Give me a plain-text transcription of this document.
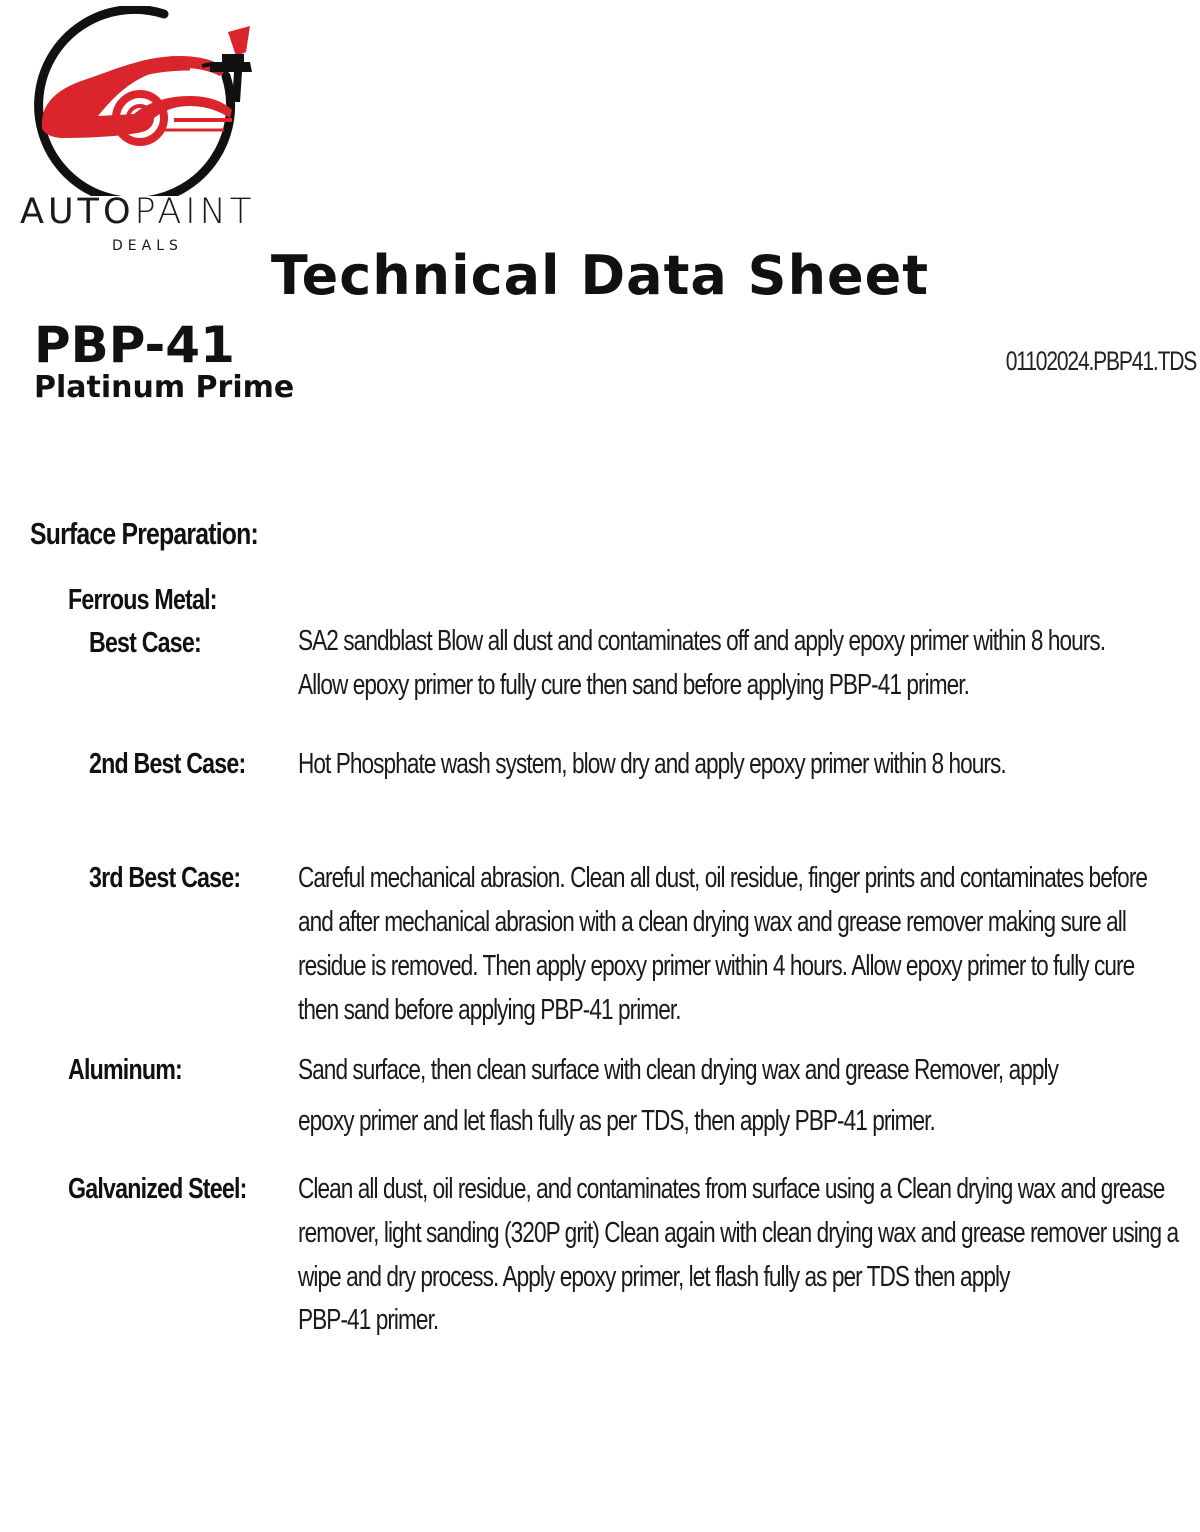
AUTOPAINT
DEALS	Technical Data Sheet
PBP-41
Platinum Prime
01102024.PBP41.TDS
Surface Preparation:
Ferrous Metal:
Best Case:	SA2 sandblast Blow all dust and contaminates off and apply epoxy primer within 8 hours.
Allow epoxy primer to fully cure then sand before applying PBP-41 primer.
2nd Best Case: Hot Phosphate wash system, blow dry and apply epoxy primer within 8 hours.
3rd Best Case: Careful mechanical abrasion. Clean all dust, oil residue, finger prints and contaminates before
and after mechanical abrasion with a clean drying wax and grease remover making sure all
residue is removed. Then apply epoxy primer within 4 hours. Allow epoxy primer to fully cure
then sand before applying PBP-41 primer.
Aluminum:	Sand surface, then clean surface with clean drying wax and grease Remover, apply
epoxy primer and let flash fully as per TDS, then apply PBP-41 primer.
Galvanized Steel: Clean all dust, oil residue, and contaminates from surface using a Clean drying wax and grease
remover, light sanding (320P grit) Clean again with clean drying wax and grease remover using a
wipe and dry process. Apply epoxy primer, let flash fully as per TDS then apply
PBP-41 primer.
